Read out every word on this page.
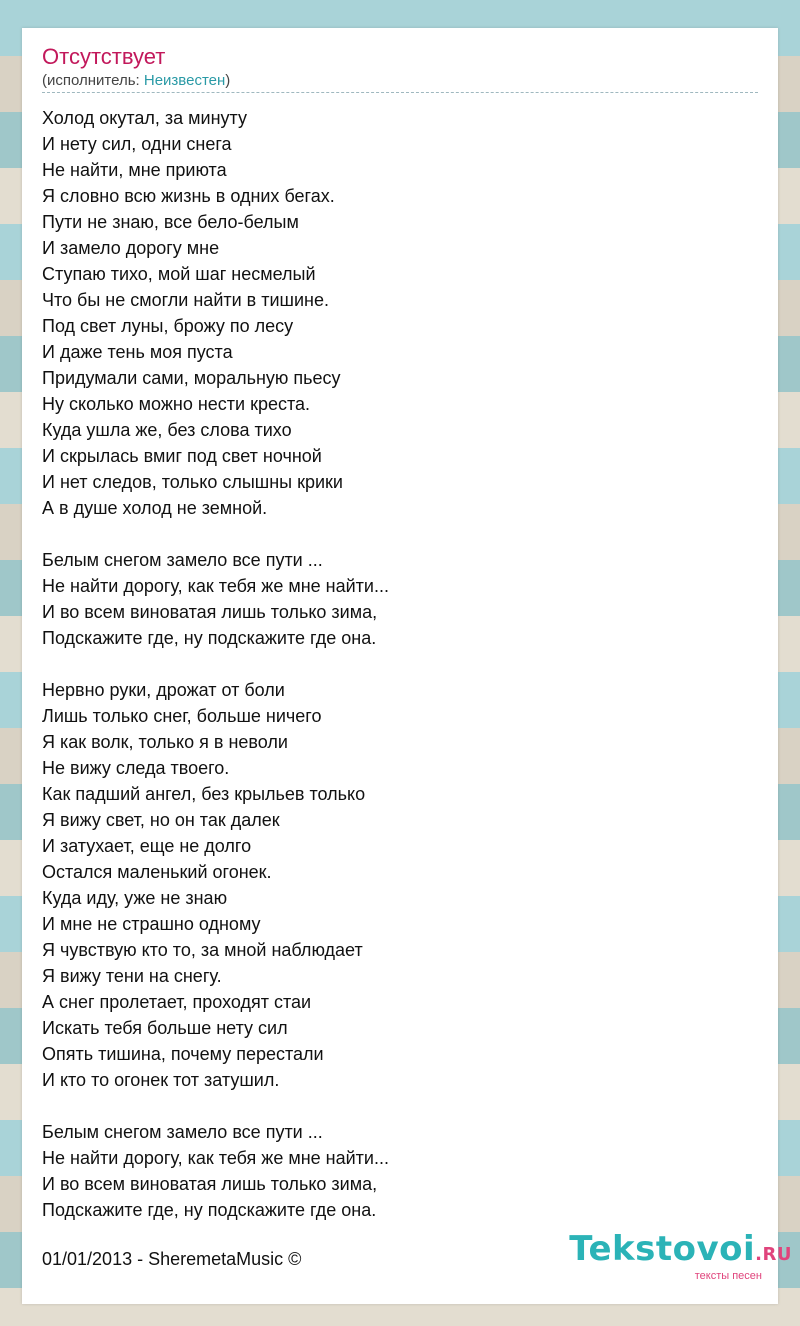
Отсутствует
(исполнитель: Неизвестен)
Холод окутал, за минуту
И нету сил, одни снега
Не найти, мне приюта
Я словно всю жизнь в одних бегах.
Пути не знаю, все бело-белым
И замело дорогу мне
Ступаю тихо, мой шаг несмелый
Что бы не смогли найти в тишине.
Под свет луны, брожу по лесу
И даже тень моя пуста
Придумали сами, моральную пьесу
Ну сколько можно нести креста.
Куда ушла же, без слова тихо
И скрылась вмиг под свет ночной
И нет следов, только слышны крики
А в душе холод не земной.
Белым снегом замело все пути ...
Не найти дорогу, как тебя же мне найти...
И во всем виноватая лишь только зима,
Подскажите где, ну подскажите где она.
Нервно руки, дрожат от боли
Лишь только снег, больше ничего
Я как волк, только я в неволи
Не вижу следа твоего.
Как падший ангел, без крыльев только
Я вижу свет, но он так далек
И затухает, еще не долго
Остался маленький огонек.
Куда иду, уже не знаю
И мне не страшно одному
Я чувствую кто то, за мной наблюдает
Я вижу тени на снегу.
А снег пролетает, проходят стаи
Искать тебя больше нету сил
Опять тишина, почему перестали
И кто то огонек тот затушил.
Белым снегом замело все пути ...
Не найти дорогу, как тебя же мне найти...
И во всем виноватая лишь только зима,
Подскажите где, ну подскажите где она.
01/01/2013 - SheremetaMusic ©	Tekstovoi.RU
тексты песен
